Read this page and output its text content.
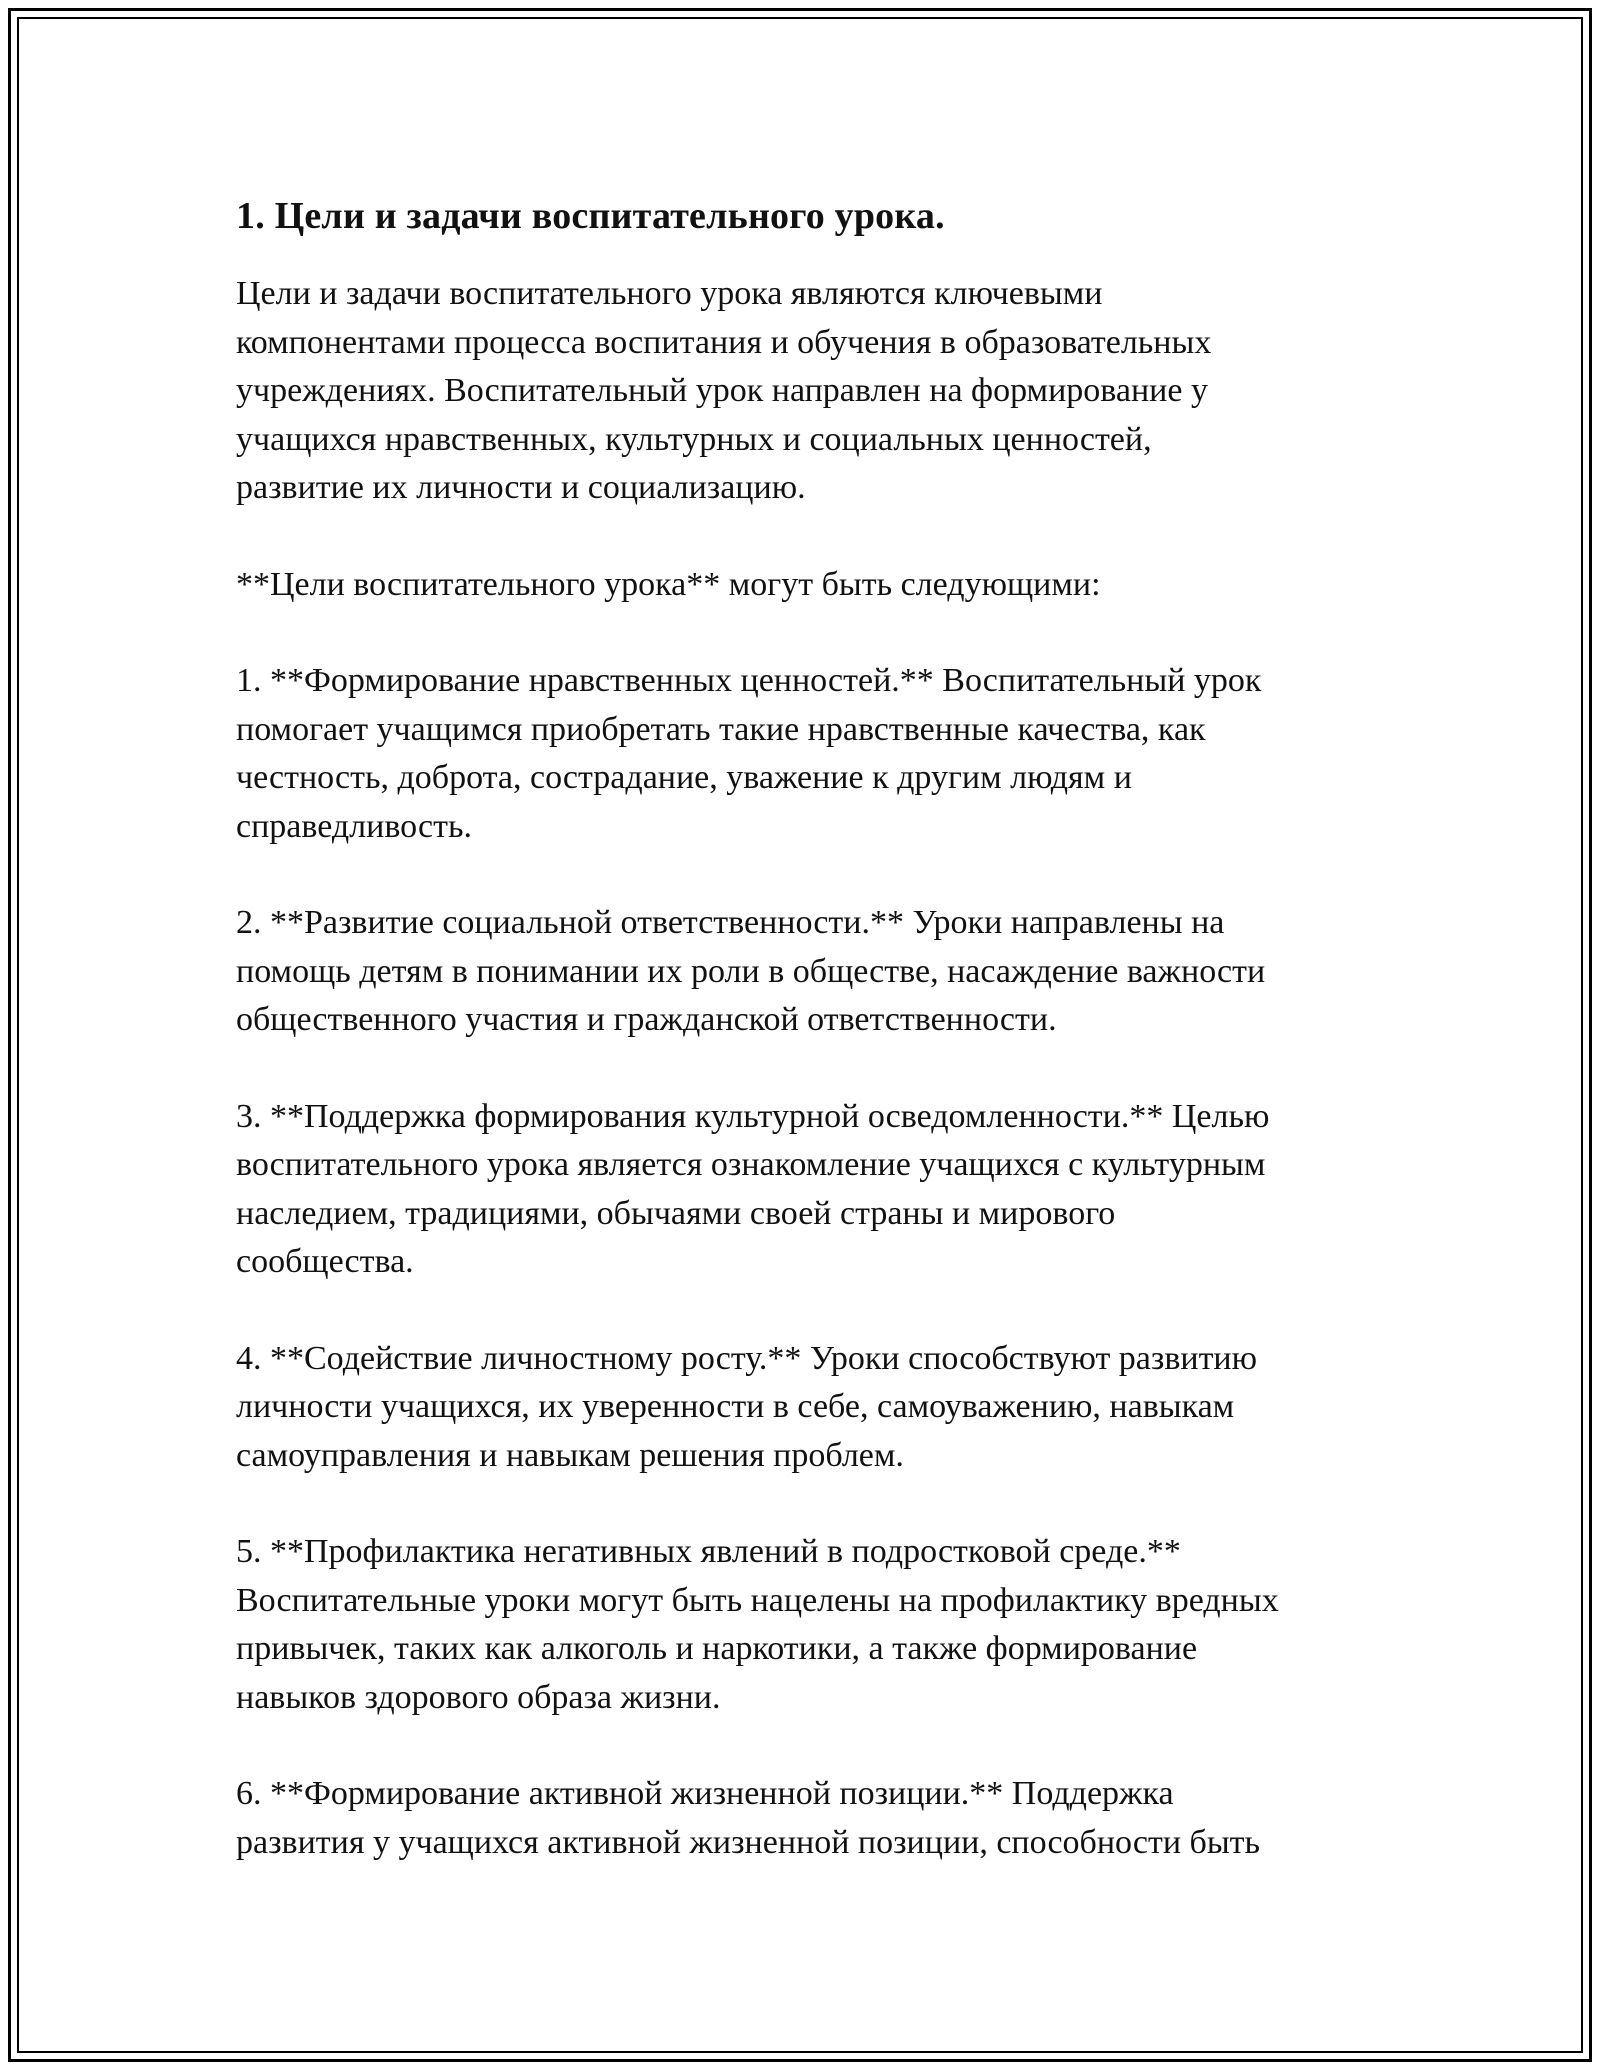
1. Цели и задачи воспитательного урока.

Цели и задачи воспитательного урока являются ключевыми
компонентами процесса воспитания и обучения в образовательных
учреждениях. Воспитательный урок направлен на формирование у
учащихся нравственных, культурных и социальных ценностей,
развитие их личности и социализацию.

**Цели воспитательного урока** могут быть следующими:

1. **Формирование нравственных ценностей.** Воспитательный урок
помогает учащимся приобретать такие нравственные качества, как
честность, доброта, сострадание, уважение к другим людям и
справедливость.

2. **Развитие социальной ответственности.** Уроки направлены на
помощь детям в понимании их роли в обществе, насаждение важности
общественного участия и гражданской ответственности.

3. **Поддержка формирования культурной осведомленности.** Целью
воспитательного урока является ознакомление учащихся с культурным
наследием, традициями, обычаями своей страны и мирового
сообщества.

4. **Содействие личностному росту.** Уроки способствуют развитию
личности учащихся, их уверенности в себе, самоуважению, навыкам
самоуправления и навыкам решения проблем.

5. **Профилактика негативных явлений в подростковой среде.**
Воспитательные уроки могут быть нацелены на профилактику вредных
привычек, таких как алкоголь и наркотики, а также формирование
навыков здорового образа жизни.

6. **Формирование активной жизненной позиции.** Поддержка
развития у учащихся активной жизненной позиции, способности быть
